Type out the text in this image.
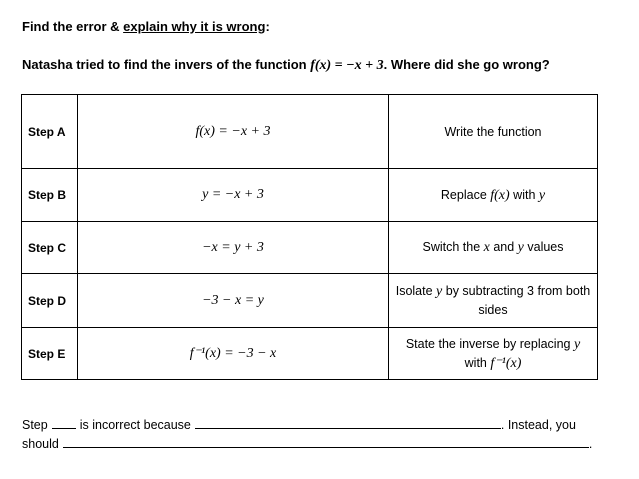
Find the error & explain why it is wrong:
Natasha tried to find the invers of the function f(x) = −x + 3. Where did she go wrong?
Step A	f(x) = −x + 3	Write the function
Step B	y = −x + 3	Replace f(x) with y
Step C	−x = y + 3	Switch the x and y values
Step D	−3 − x = y	Isolate y by subtracting 3 from both sides
Step E	f⁻¹(x) = −3 − x	State the inverse by replacing y with f⁻¹(x)
Step	is incorrect because	. Instead, you
should	.
